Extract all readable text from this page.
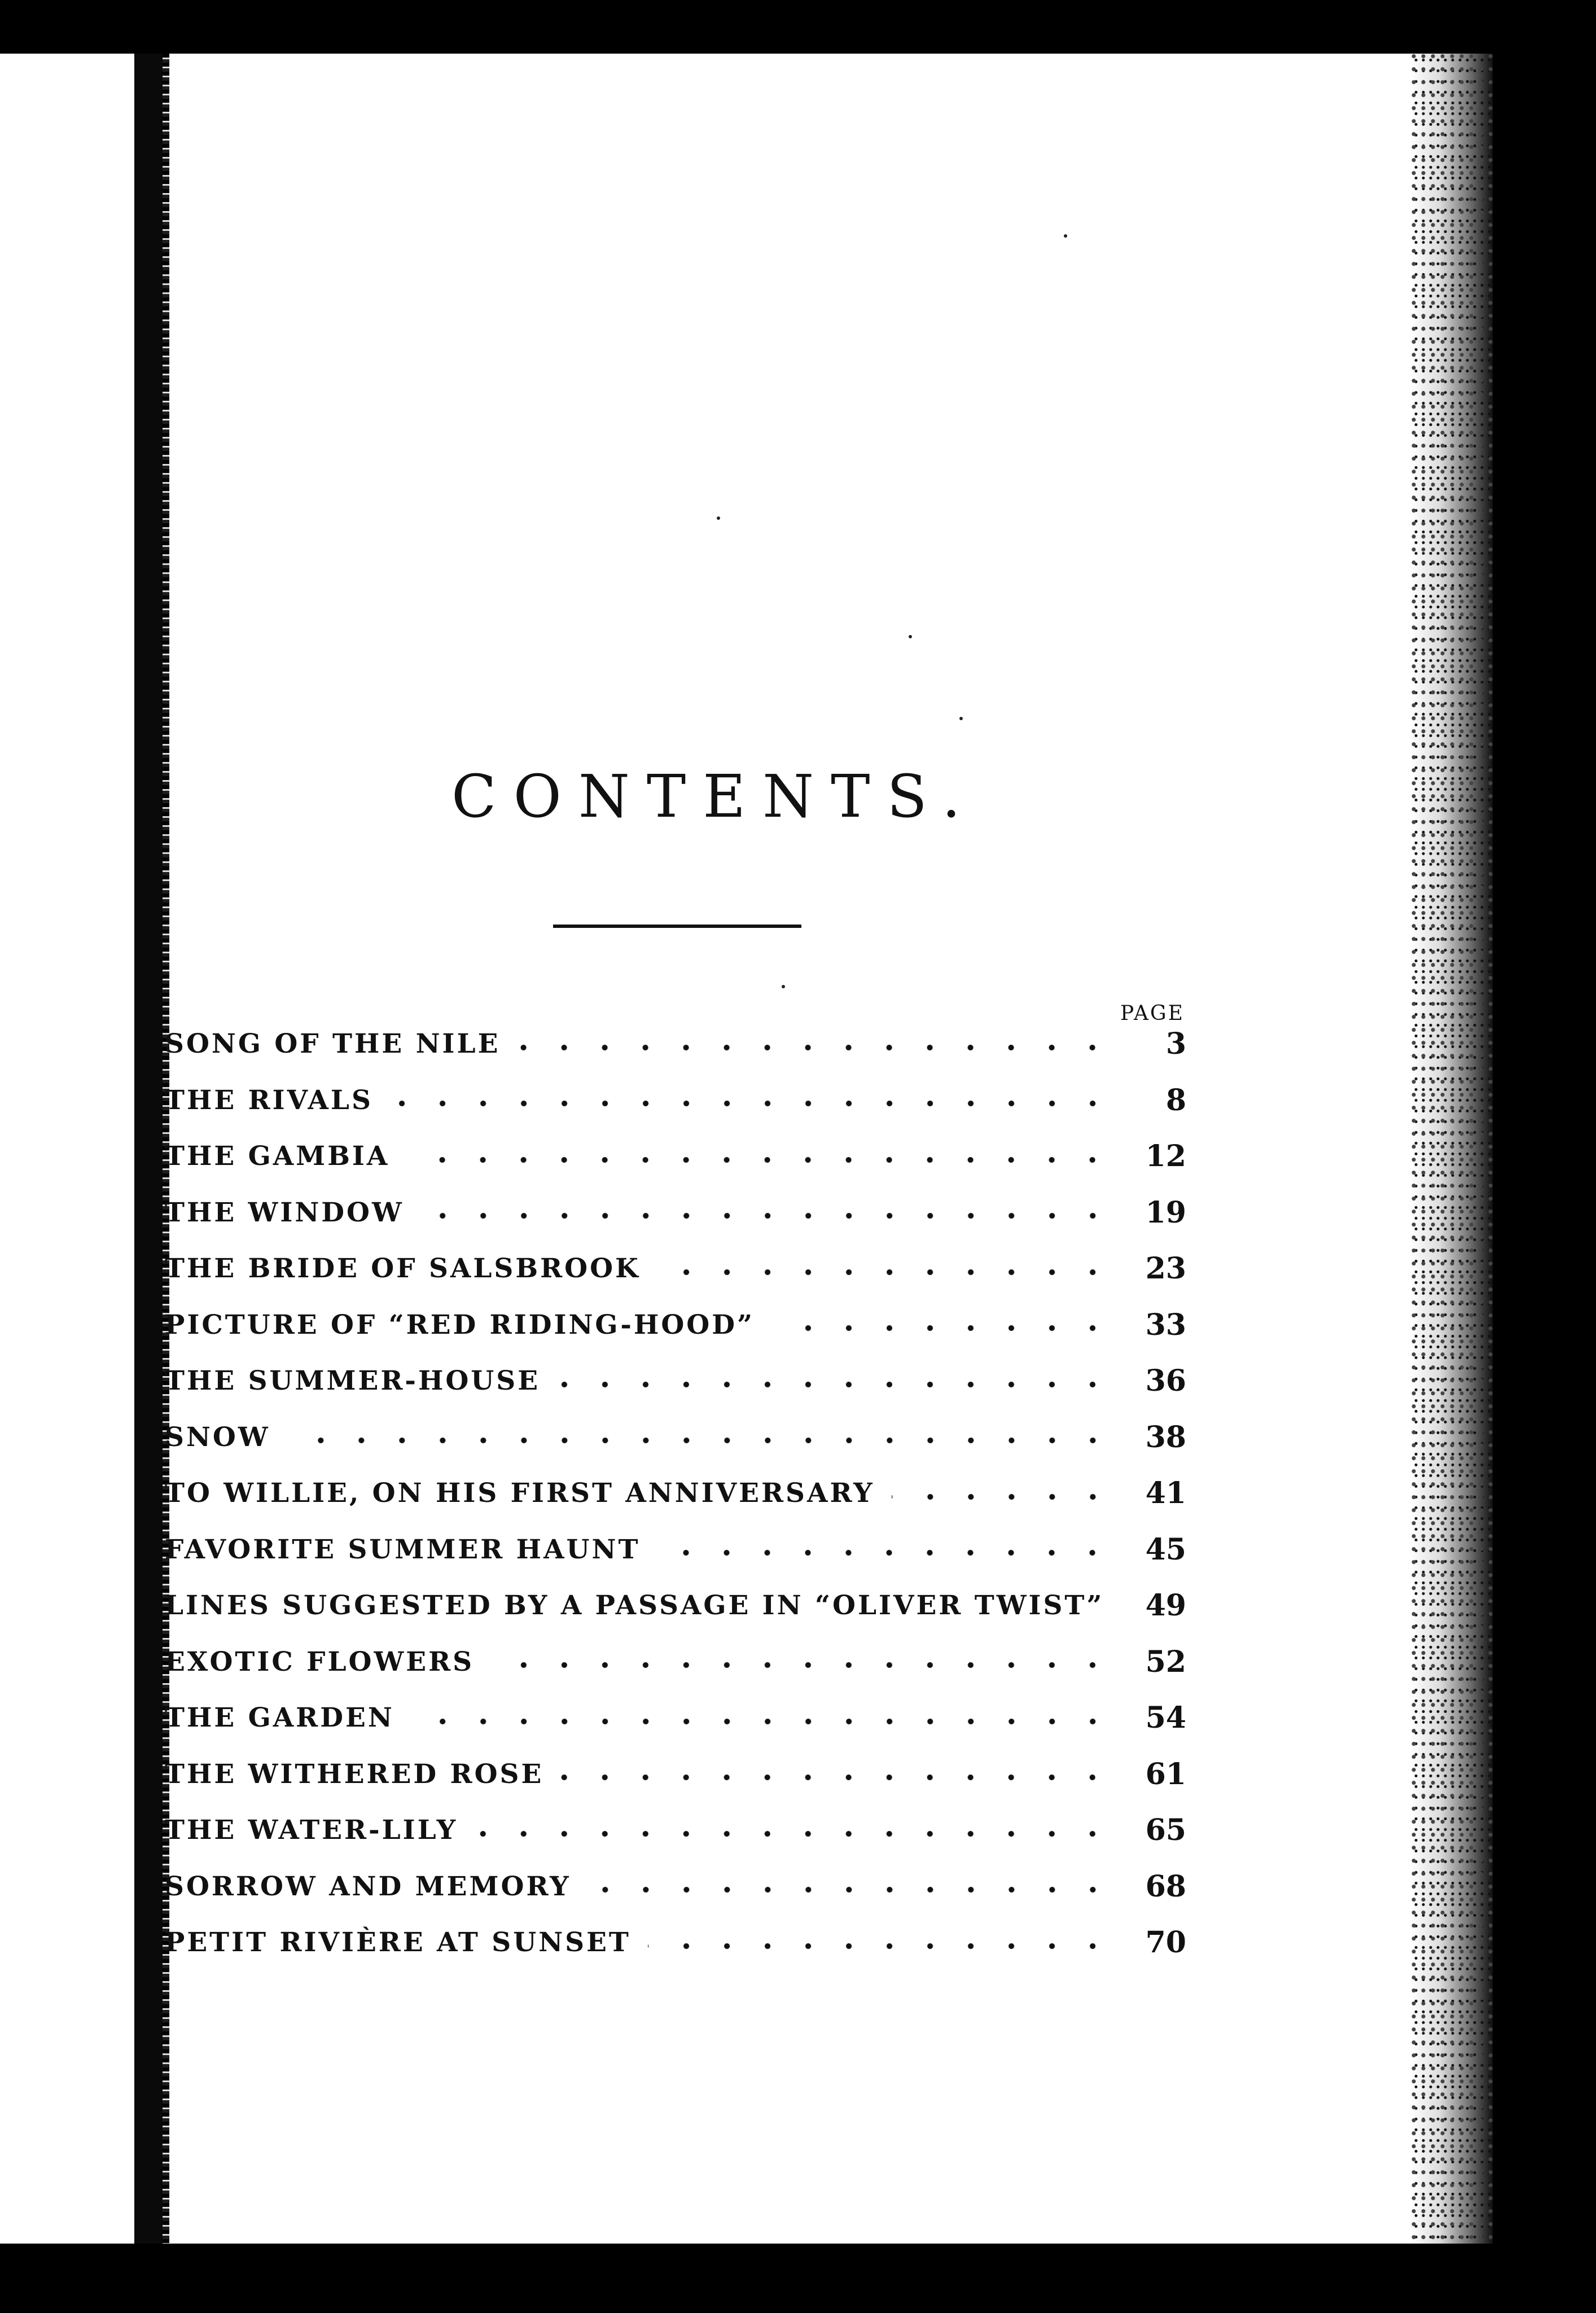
CONTENTS.
PAGE
SONG OF THE NILE	3
THE RIVALS	8
THE GAMBIA	12
THE WINDOW	19
THE BRIDE OF SALSBROOK	23
PICTURE OF “RED RIDING-HOOD”	33
THE SUMMER-HOUSE	36
SNOW	38
TO WILLIE, ON HIS FIRST ANNIVERSARY	41
FAVORITE SUMMER HAUNT	45
LINES SUGGESTED BY A PASSAGE IN “OLIVER TWIST” 49
EXOTIC FLOWERS	52
THE GARDEN	54
THE WITHERED ROSE	61
THE WATER-LILY	65
SORROW AND MEMORY	68
PETIT RIVIÈRE AT SUNSET	70
